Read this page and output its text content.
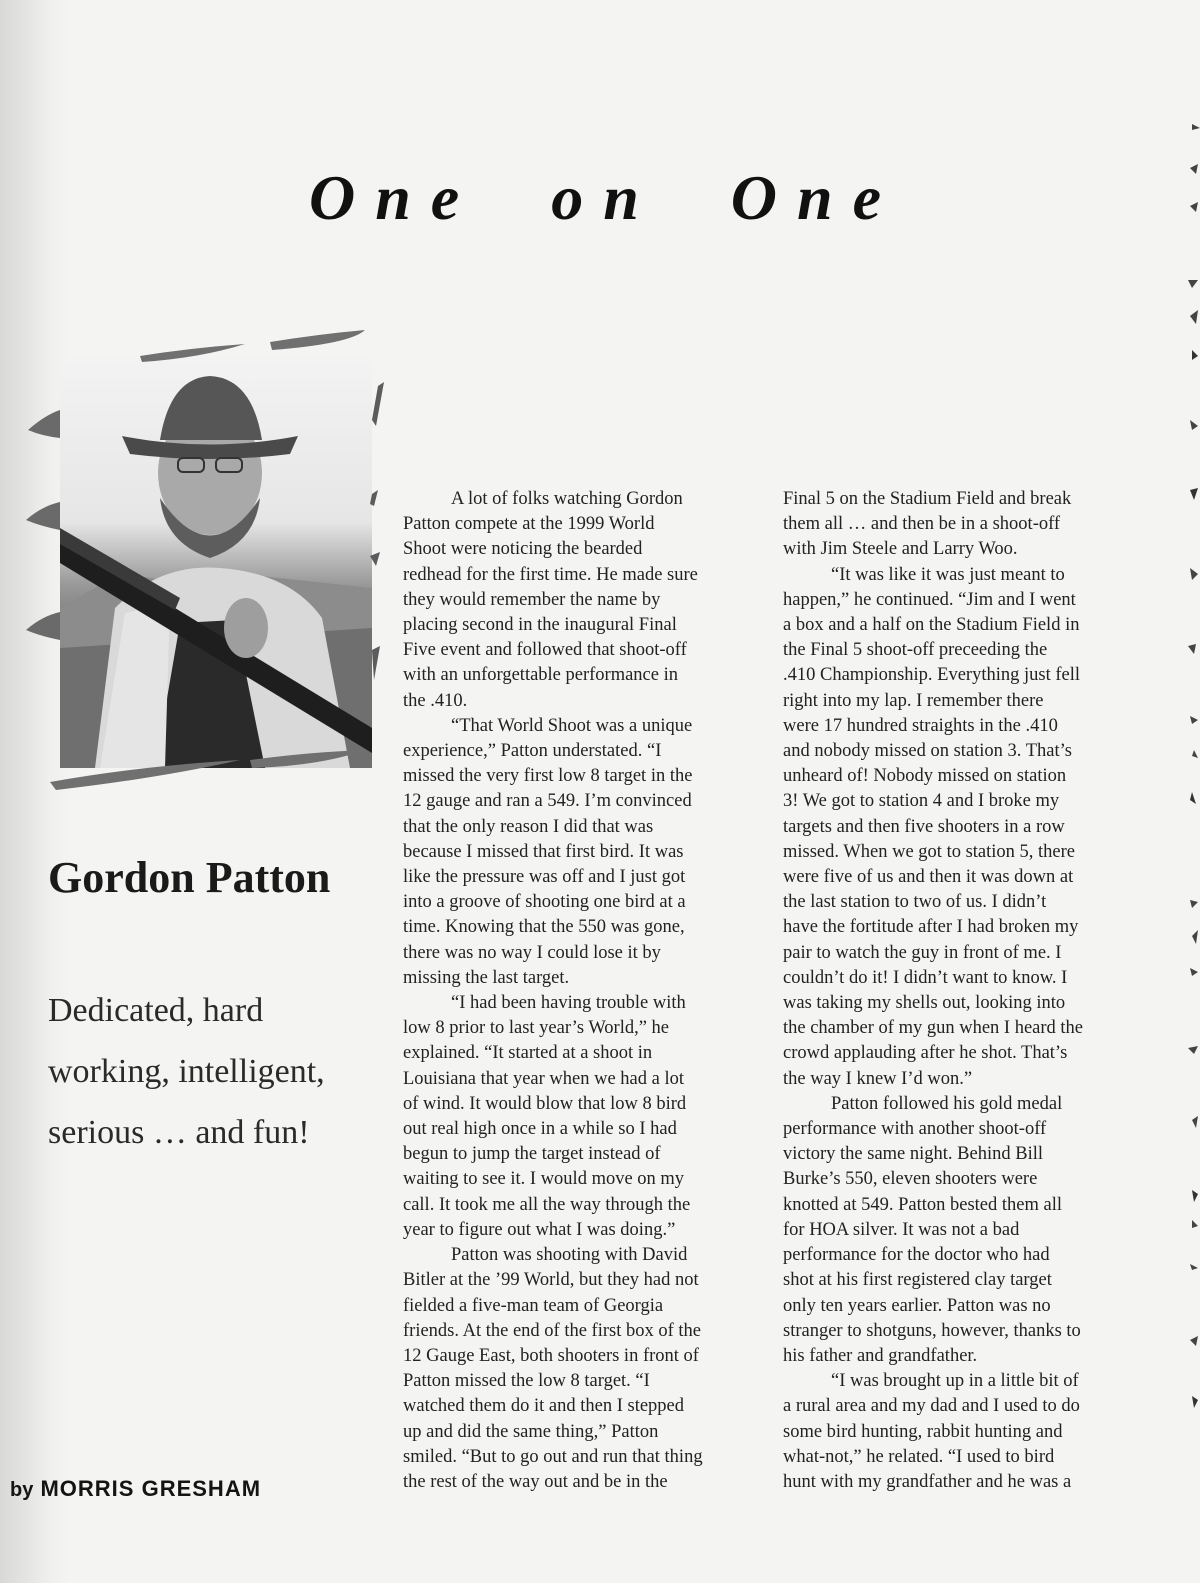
One on One
Gordon Patton
Dedicated, hard
working, intelligent,
serious … and fun!

by MORRIS GRESHAM

A lot of folks watching Gordon
Patton compete at the 1999 World
Shoot were noticing the bearded
redhead for the first time. He made sure
they would remember the name by
placing second in the inaugural Final
Five event and followed that shoot-off
with an unforgettable performance in
the .410.
“That World Shoot was a unique
experience,” Patton understated. “I
missed the very first low 8 target in the
12 gauge and ran a 549. I’m convinced
that the only reason I did that was
because I missed that first bird. It was
like the pressure was off and I just got
into a groove of shooting one bird at a
time. Knowing that the 550 was gone,
there was no way I could lose it by
missing the last target.
“I had been having trouble with
low 8 prior to last year’s World,” he
explained. “It started at a shoot in
Louisiana that year when we had a lot
of wind. It would blow that low 8 bird
out real high once in a while so I had
begun to jump the target instead of
waiting to see it. I would move on my
call. It took me all the way through the
year to figure out what I was doing.”
Patton was shooting with David
Bitler at the ’99 World, but they had not
fielded a five-man team of Georgia
friends. At the end of the first box of the
12 Gauge East, both shooters in front of
Patton missed the low 8 target. “I
watched them do it and then I stepped
up and did the same thing,” Patton
smiled. “But to go out and run that thing
the rest of the way out and be in the
Final 5 on the Stadium Field and break
them all … and then be in a shoot-off
with Jim Steele and Larry Woo.
“It was like it was just meant to
happen,” he continued. “Jim and I went
a box and a half on the Stadium Field in
the Final 5 shoot-off preceeding the
.410 Championship. Everything just fell
right into my lap. I remember there
were 17 hundred straights in the .410
and nobody missed on station 3. That’s
unheard of! Nobody missed on station
3! We got to station 4 and I broke my
targets and then five shooters in a row
missed. When we got to station 5, there
were five of us and then it was down at
the last station to two of us. I didn’t
have the fortitude after I had broken my
pair to watch the guy in front of me. I
couldn’t do it! I didn’t want to know. I
was taking my shells out, looking into
the chamber of my gun when I heard the
crowd applauding after he shot. That’s
the way I knew I’d won.”
Patton followed his gold medal
performance with another shoot-off
victory the same night. Behind Bill
Burke’s 550, eleven shooters were
knotted at 549. Patton bested them all
for HOA silver. It was not a bad
performance for the doctor who had
shot at his first registered clay target
only ten years earlier. Patton was no
stranger to shotguns, however, thanks to
his father and grandfather.
“I was brought up in a little bit of
a rural area and my dad and I used to do
some bird hunting, rabbit hunting and
what-not,” he related. “I used to bird
hunt with my grandfather and he was a
